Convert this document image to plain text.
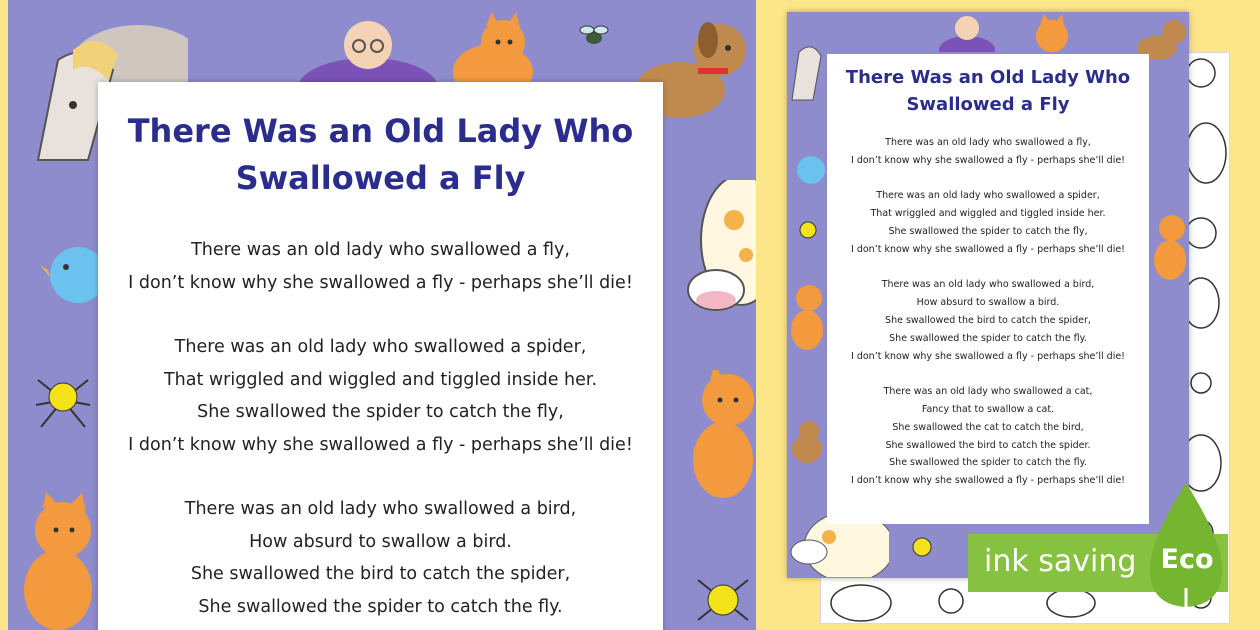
There Was an Old Lady Who
Swallowed a Fly
There was an old lady who swallowed a fly,
I don’t know why she swallowed a fly - perhaps she’ll die!
There was an old lady who swallowed a spider,
That wriggled and wiggled and tiggled inside her.
She swallowed the spider to catch the fly,
I don’t know why she swallowed a fly - perhaps she’ll die!
There was an old lady who swallowed a bird,
How absurd to swallow a bird.
She swallowed the bird to catch the spider,
She swallowed the spider to catch the fly.
There Was an Old Lady Who
Swallowed a Fly
There was an old lady who swallowed a fly,
I don’t know why she swallowed a fly - perhaps she’ll die!
There was an old lady who swallowed a spider,
That wriggled and wiggled and tiggled inside her.
She swallowed the spider to catch the fly,
I don’t know why she swallowed a fly - perhaps she’ll die!
There was an old lady who swallowed a bird,
How absurd to swallow a bird.
She swallowed the bird to catch the spider,
She swallowed the spider to catch the fly.
I don’t know why she swallowed a fly - perhaps she’ll die!
There was an old lady who swallowed a cat,
Fancy that to swallow a cat.
She swallowed the cat to catch the bird,
She swallowed the bird to catch the spider.
She swallowed the spider to catch the fly.
I don’t know why she swallowed a fly - perhaps she’ll die!
ink saving Eco
